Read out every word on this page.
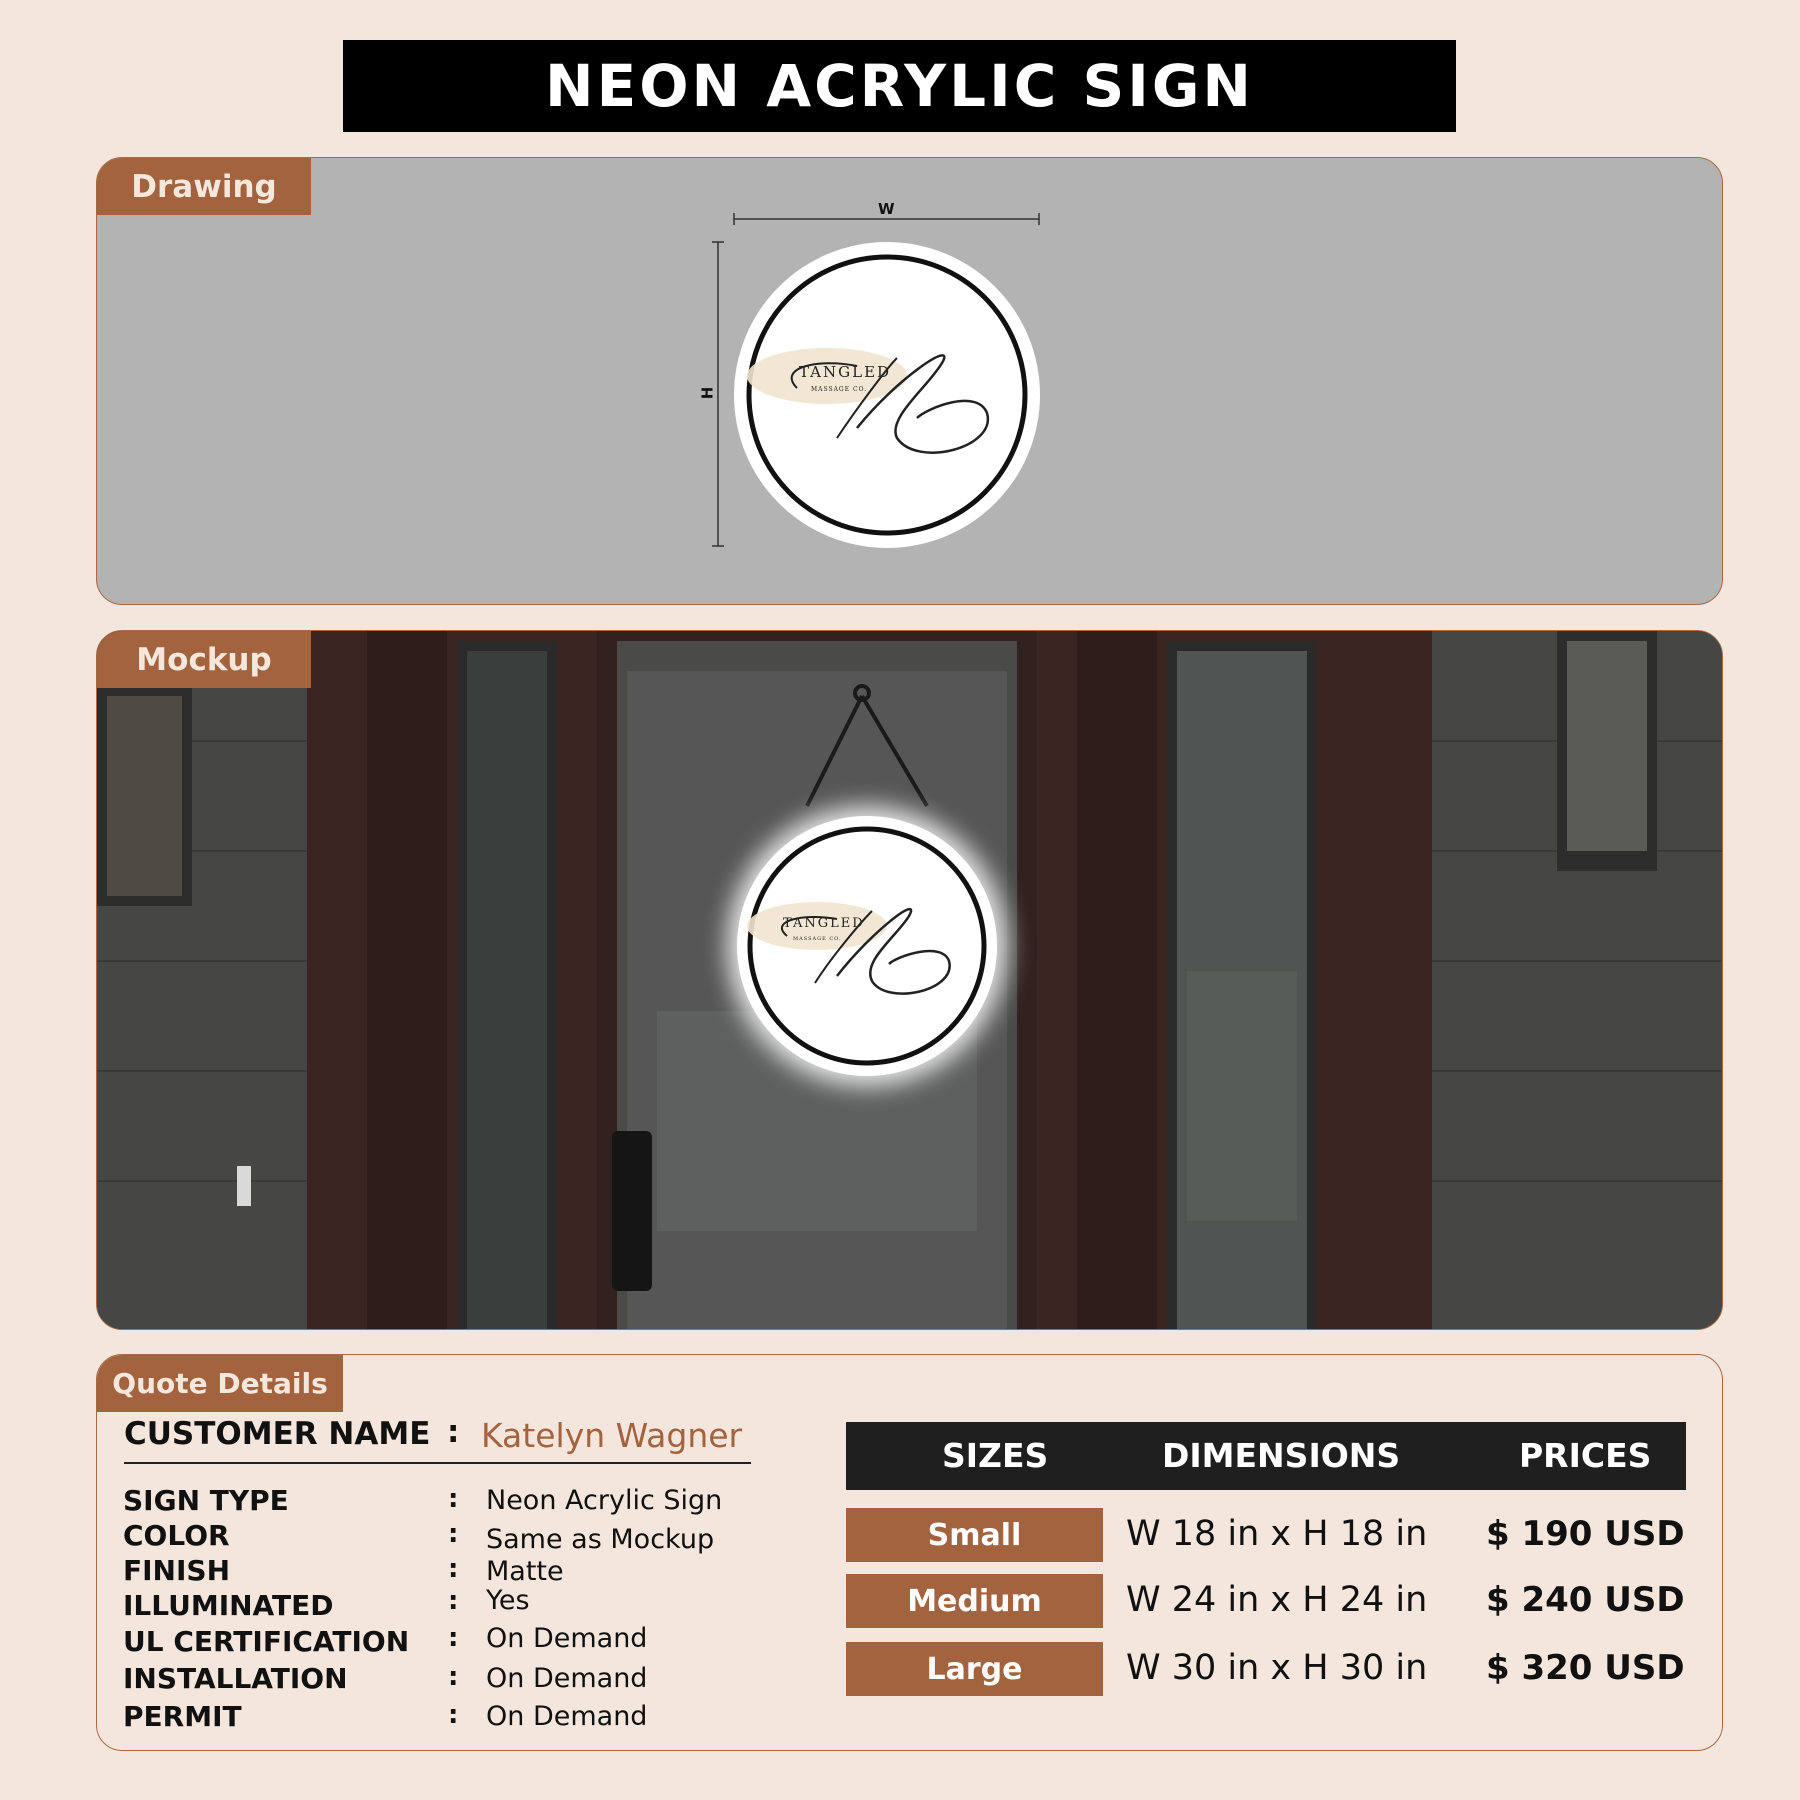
NEON ACRYLIC SIGN
Drawing
W
H
TANGLED
MASSAGE CO.
TANGLED
MASSAGE CO.
Mockup
Quote Details
CUSTOMER NAME : Katelyn Wagner
SIGN TYPE	: Neon Acrylic Sign
COLOR	: Same as Mockup
FINISH	: Matte
ILLUMINATED	: Yes
UL CERTIFICATION : On Demand
INSTALLATION	: On Demand
PERMIT	: On Demand
SIZES	DIMENSIONS	PRICES
Small	W 18 in x H 18 in $ 190 USD
Medium	W 24 in x H 24 in $ 240 USD
Large	W 30 in x H 30 in $ 320 USD
